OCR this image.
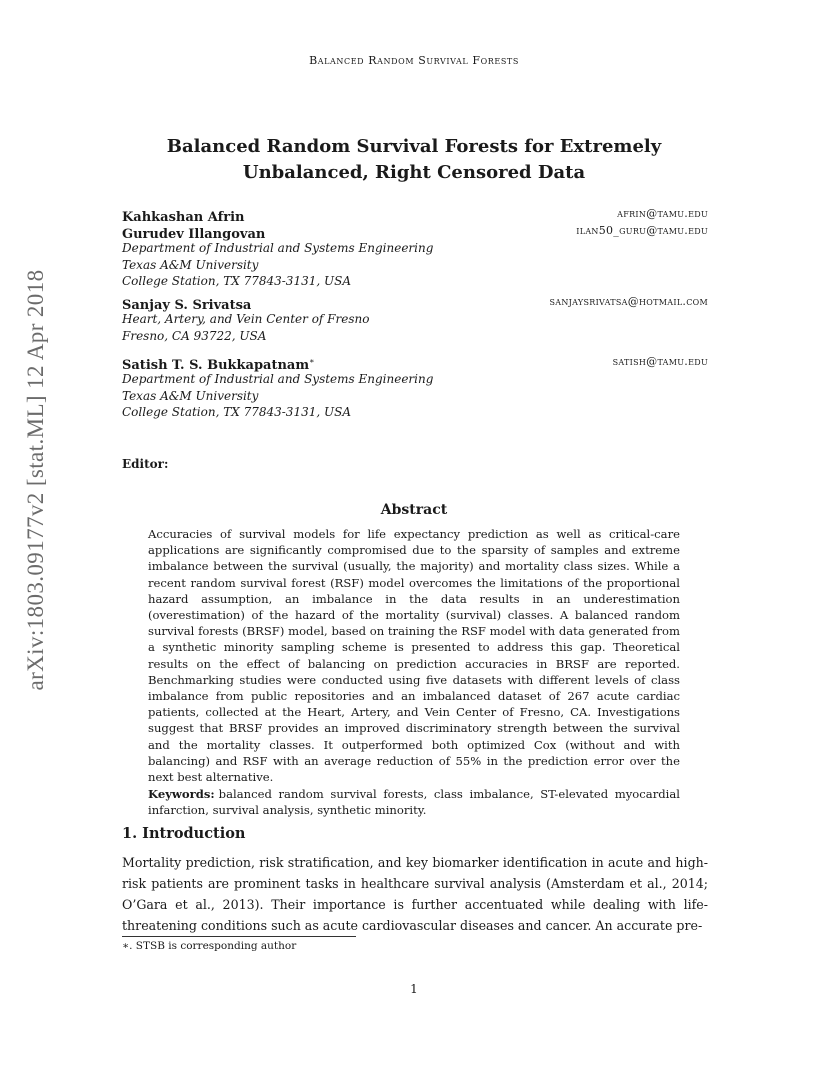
Balanced Random Survival Forests
arXiv:1803.09177v2 [stat.ML] 12 Apr 2018
Balanced Random Survival Forests for Extremely
Unbalanced, Right Censored Data
Kahkashan Afrin	afrin@tamu.edu
Gurudev Illangovan	ilan50_guru@tamu.edu
Department of Industrial and Systems Engineering
Texas A&M University
College Station, TX 77843-3131, USA
Sanjay S. Srivatsa	sanjaysrivatsa@hotmail.com
Heart, Artery, and Vein Center of Fresno
Fresno, CA 93722, USA
Satish T. S. Bukkapatnam∗	satish@tamu.edu
Department of Industrial and Systems Engineering
Texas A&M University
College Station, TX 77843-3131, USA
Editor:
Abstract

Accuracies of survival models for life expectancy prediction as well as critical-care applications are significantly compromised due to the sparsity of samples and extreme imbalance between the survival (usually, the majority) and mortality class sizes. While a recent random survival forest (RSF) model overcomes the limitations of the proportional hazard assumption, an imbalance in the data results in an underestimation (overestimation) of the hazard of the mortality (survival) classes. A balanced random survival forests (BRSF) model, based on training the RSF model with data generated from a synthetic minority sampling scheme is presented to address this gap. Theoretical results on the effect of balancing on prediction accuracies in BRSF are reported. Benchmarking studies were conducted using five datasets with different levels of class imbalance from public repositories and an imbalanced dataset of 267 acute cardiac patients, collected at the Heart, Artery, and Vein Center of Fresno, CA. Investigations suggest that BRSF provides an improved discriminatory strength between the survival and the mortality classes. It outperformed both optimized Cox (without and with balancing) and RSF with an average reduction of 55% in the prediction error over the next best alternative.

Keywords: balanced random survival forests, class imbalance, ST-elevated myocardial infarction, survival analysis, synthetic minority.

1. Introduction

Mortality prediction, risk stratification, and key biomarker identification in acute and high-risk patients are prominent tasks in healthcare survival analysis (Amsterdam et al., 2014; O’Gara et al., 2013). Their importance is further accentuated while dealing with life-threatening conditions such as acute cardiovascular diseases and cancer. An accurate pre-

∗. STSB is corresponding author
1
